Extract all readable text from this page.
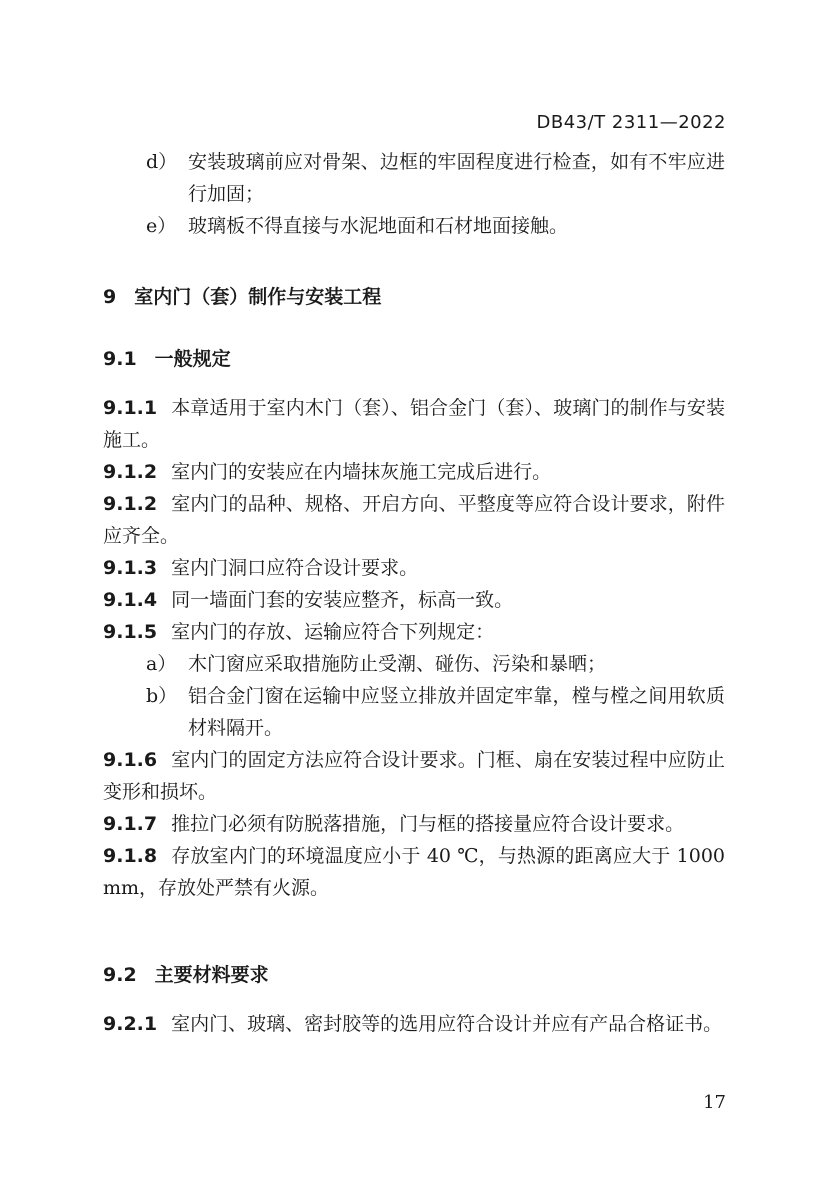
DB43/T 2311—2022
d） 安装玻璃前应对骨架、边框的牢固程度进行检查，如有不牢应进行加固；
e） 玻璃板不得直接与水泥地面和石材地面接触。
9 室内门（套）制作与安装工程
9.1 一般规定
9.1.1 本章适用于室内木门（套）、铝合金门（套）、玻璃门的制作与安装施工。
9.1.2 室内门的安装应在内墙抹灰施工完成后进行。
9.1.2 室内门的品种、规格、开启方向、平整度等应符合设计要求，附件应齐全。
9.1.3 室内门洞口应符合设计要求。
9.1.4 同一墙面门套的安装应整齐，标高一致。
9.1.5 室内门的存放、运输应符合下列规定：
a） 木门窗应采取措施防止受潮、碰伤、污染和暴晒；
b） 铝合金门窗在运输中应竖立排放并固定牢靠，樘与樘之间用软质材料隔开。
9.1.6 室内门的固定方法应符合设计要求。门框、扇在安装过程中应防止变形和损坏。
9.1.7 推拉门必须有防脱落措施，门与框的搭接量应符合设计要求。
9.1.8 存放室内门的环境温度应小于 40 ℃，与热源的距离应大于 1000 mm，存放处严禁有火源。
9.2 主要材料要求
9.2.1 室内门、玻璃、密封胶等的选用应符合设计并应有产品合格证书。
17
